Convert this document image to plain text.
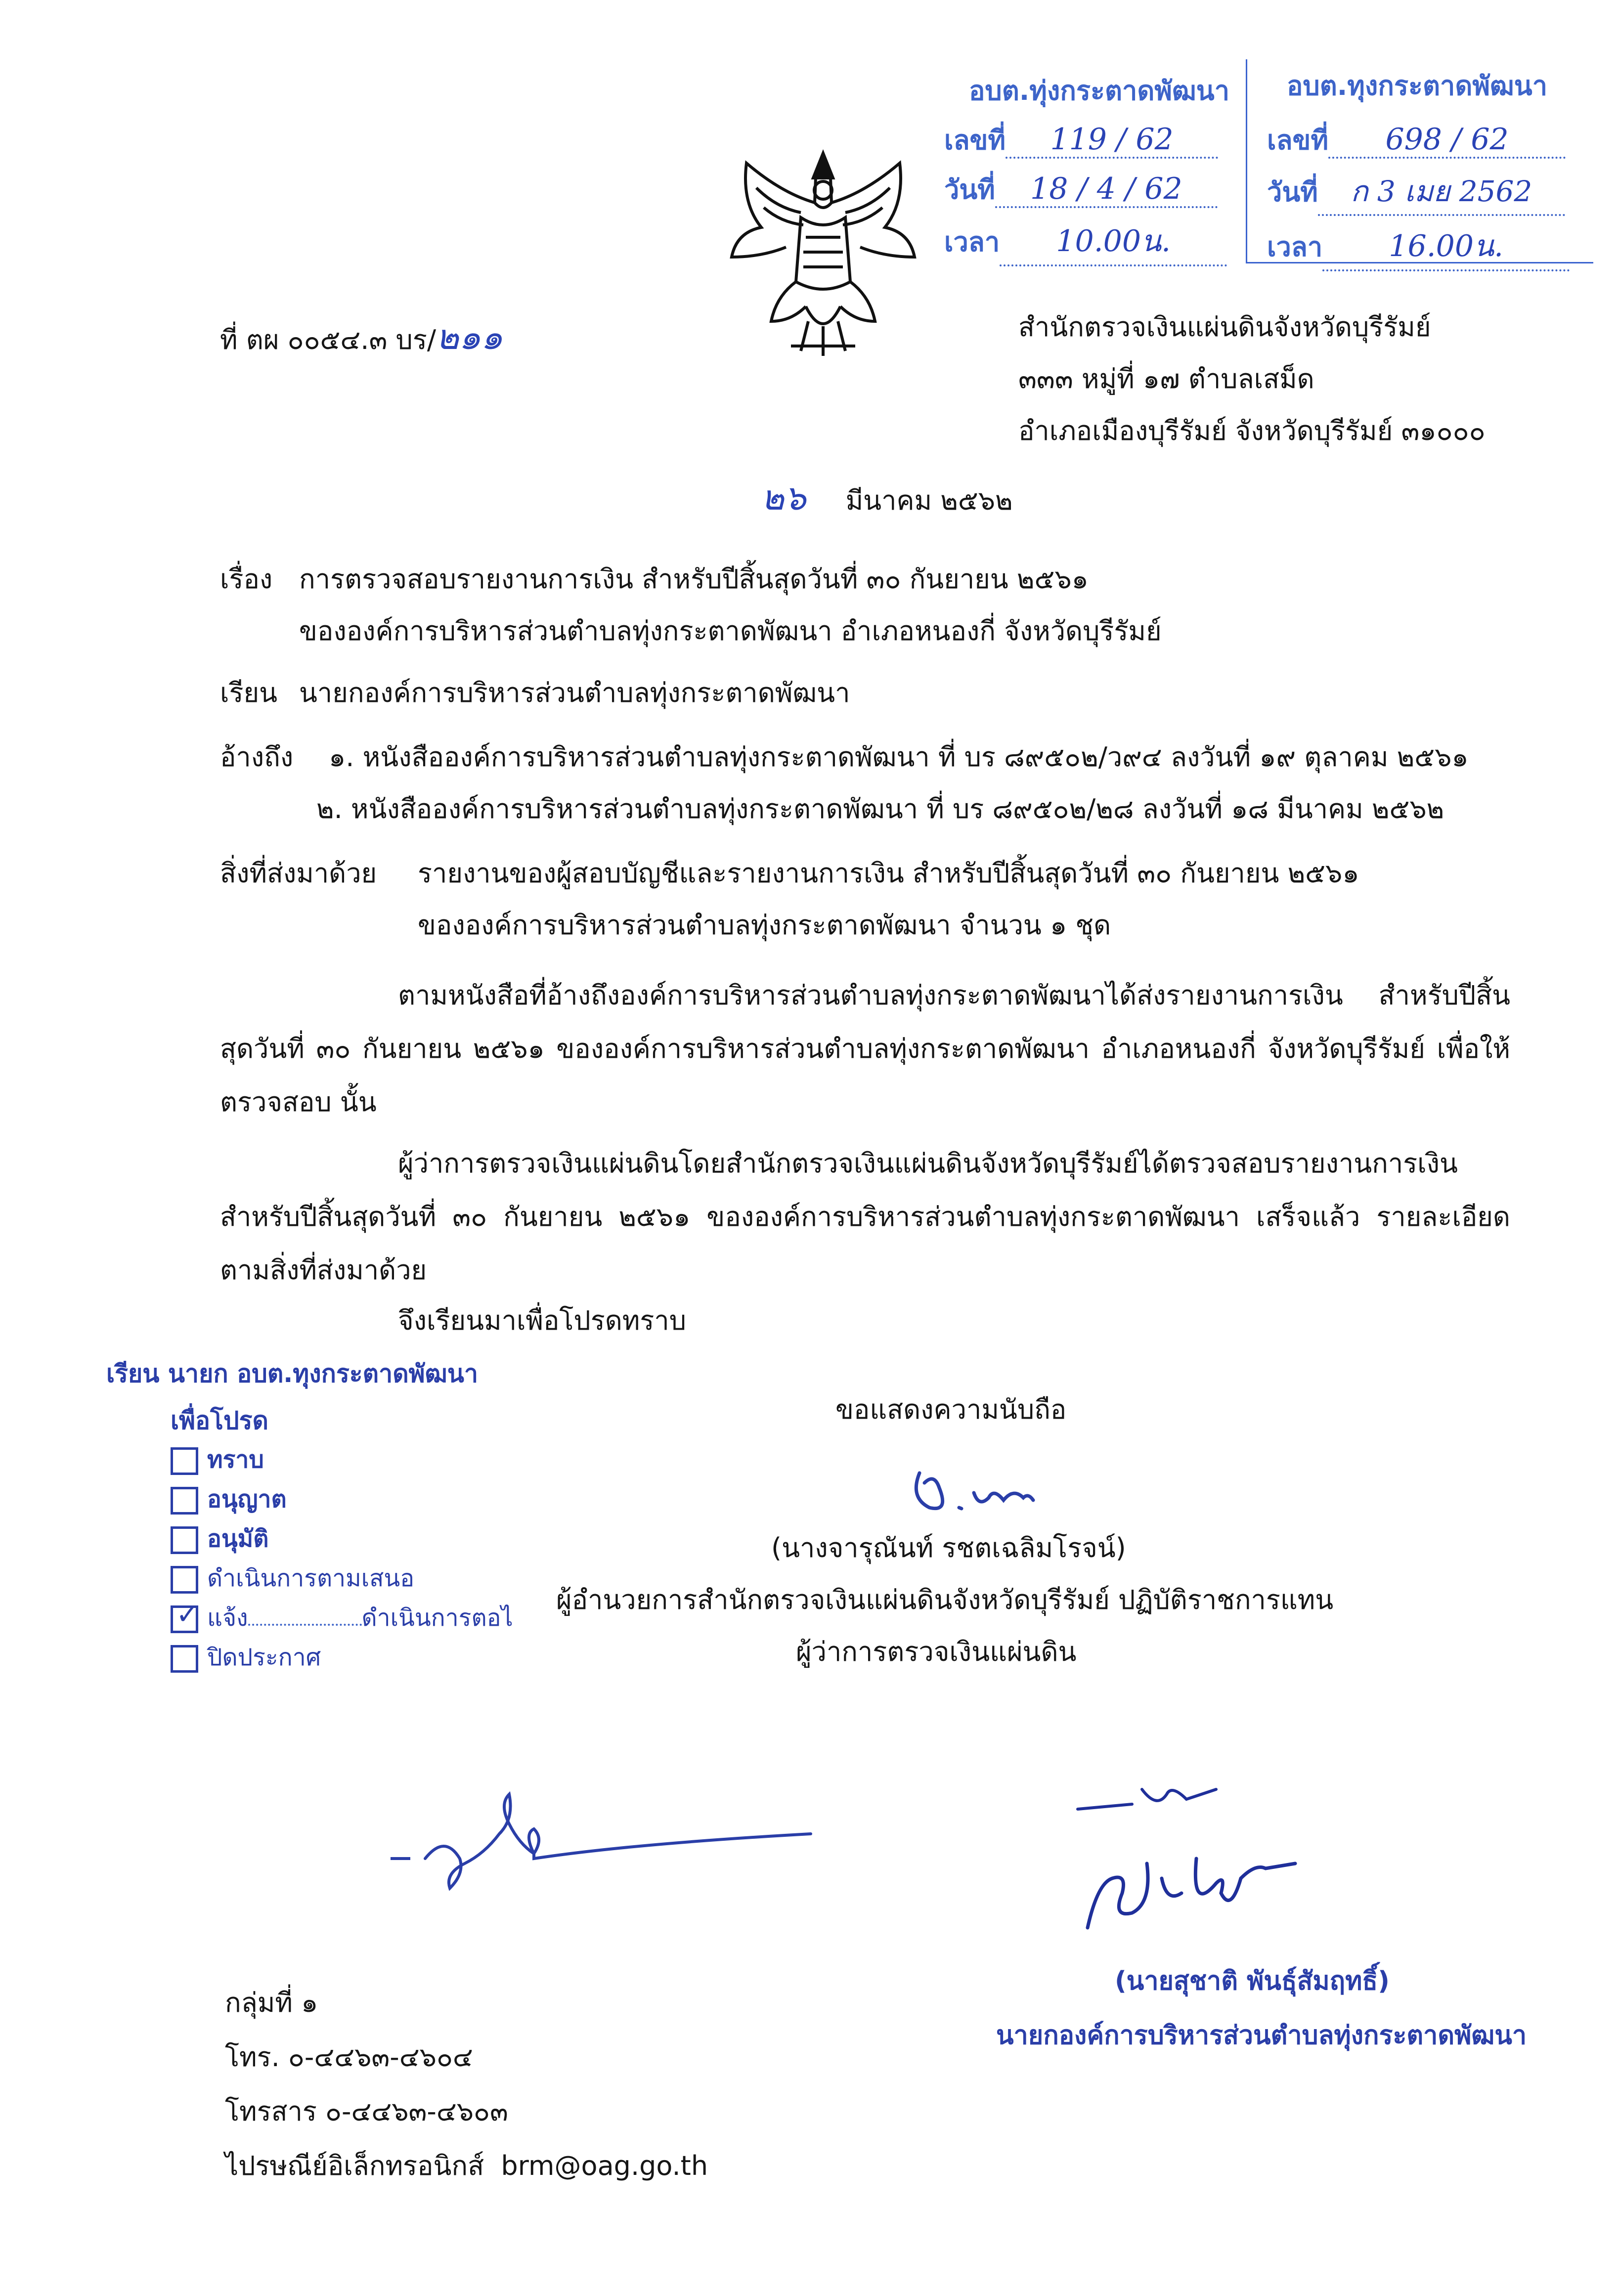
อบต.ทุ่งกระตาดพัฒนา
เลขที่ 119 / 62
วันที่ 18 / 4 / 62
เวลา 10.00น.
อบต.ทุงกระตาดพัฒนา
เลขที่ 698 / 62
วันที่ ก 3 เมย 2562
เวลา 16.00น.
ที่ ตผ ๐๐๕๔.๓ บร/๒๑๑	สำนักตรวจเงินแผ่นดินจังหวัดบุรีรัมย์
๓๓๓ หมู่ที่ ๑๗ ตำบลเสม็ด
อำเภอเมืองบุรีรัมย์ จังหวัดบุรีรัมย์ ๓๑๐๐๐
๒๖ มีนาคม ๒๕๖๒
เรื่อง การตรวจสอบรายงานการเงิน สำหรับปีสิ้นสุดวันที่ ๓๐ กันยายน ๒๕๖๑
ขององค์การบริหารส่วนตำบลทุ่งกระตาดพัฒนา อำเภอหนองกี่ จังหวัดบุรีรัมย์
เรียน นายกองค์การบริหารส่วนตำบลทุ่งกระตาดพัฒนา
อ้างถึง ๑. หนังสือองค์การบริหารส่วนตำบลทุ่งกระตาดพัฒนา ที่ บร ๘๙๕๐๒/ว๙๔ ลงวันที่ ๑๙ ตุลาคม ๒๕๖๑
๒. หนังสือองค์การบริหารส่วนตำบลทุ่งกระตาดพัฒนา ที่ บร ๘๙๕๐๒/๒๘ ลงวันที่ ๑๘ มีนาคม ๒๕๖๒
สิ่งที่ส่งมาด้วย รายงานของผู้สอบบัญชีและรายงานการเงิน สำหรับปีสิ้นสุดวันที่ ๓๐ กันยายน ๒๕๖๑
ขององค์การบริหารส่วนตำบลทุ่งกระตาดพัฒนา จำนวน ๑ ชุด
ตามหนังสือที่อ้างถึงองค์การบริหารส่วนตำบลทุ่งกระตาดพัฒนาได้ส่งรายงานการเงิน สำหรับปีสิ้นสุดวันที่ ๓๐ กันยายน ๒๕๖๑ ขององค์การบริหารส่วนตำบลทุ่งกระตาดพัฒนา อำเภอหนองกี่ จังหวัดบุรีรัมย์ เพื่อให้ตรวจสอบ นั้น
ผู้ว่าการตรวจเงินแผ่นดินโดยสำนักตรวจเงินแผ่นดินจังหวัดบุรีรัมย์ได้ตรวจสอบรายงานการเงิน สำหรับปีสิ้นสุดวันที่ ๓๐ กันยายน ๒๕๖๑ ขององค์การบริหารส่วนตำบลทุ่งกระตาดพัฒนา เสร็จแล้ว รายละเอียดตามสิ่งที่ส่งมาด้วย
จึงเรียนมาเพื่อโปรดทราบ
เรียน นายก อบต.ทุงกระตาดพัฒนา
เพื่อโปรด
ทราบ
อนุญาต
อนุมัติ
ดำเนินการตามเสนอ
✓ แจ้ง	ดำเนินการตอไ
ปิดประกาศ
ขอแสดงความนับถือ
(นางจารุณันท์ รชตเฉลิมโรจน์)
ผู้อำนวยการสำนักตรวจเงินแผ่นดินจังหวัดบุรีรัมย์ ปฏิบัติราชการแทน
ผู้ว่าการตรวจเงินแผ่นดิน
(นายสุชาติ พันธุ์สัมฤทธิ์)
นายกองค์การบริหารส่วนตำบลทุ่งกระตาดพัฒนา
กลุ่มที่ ๑
โทร. ๐-๔๔๖๓-๔๖๐๔
โทรสาร ๐-๔๔๖๓-๔๖๐๓
ไปรษณีย์อิเล็กทรอนิกส์ brm@oag.go.th
